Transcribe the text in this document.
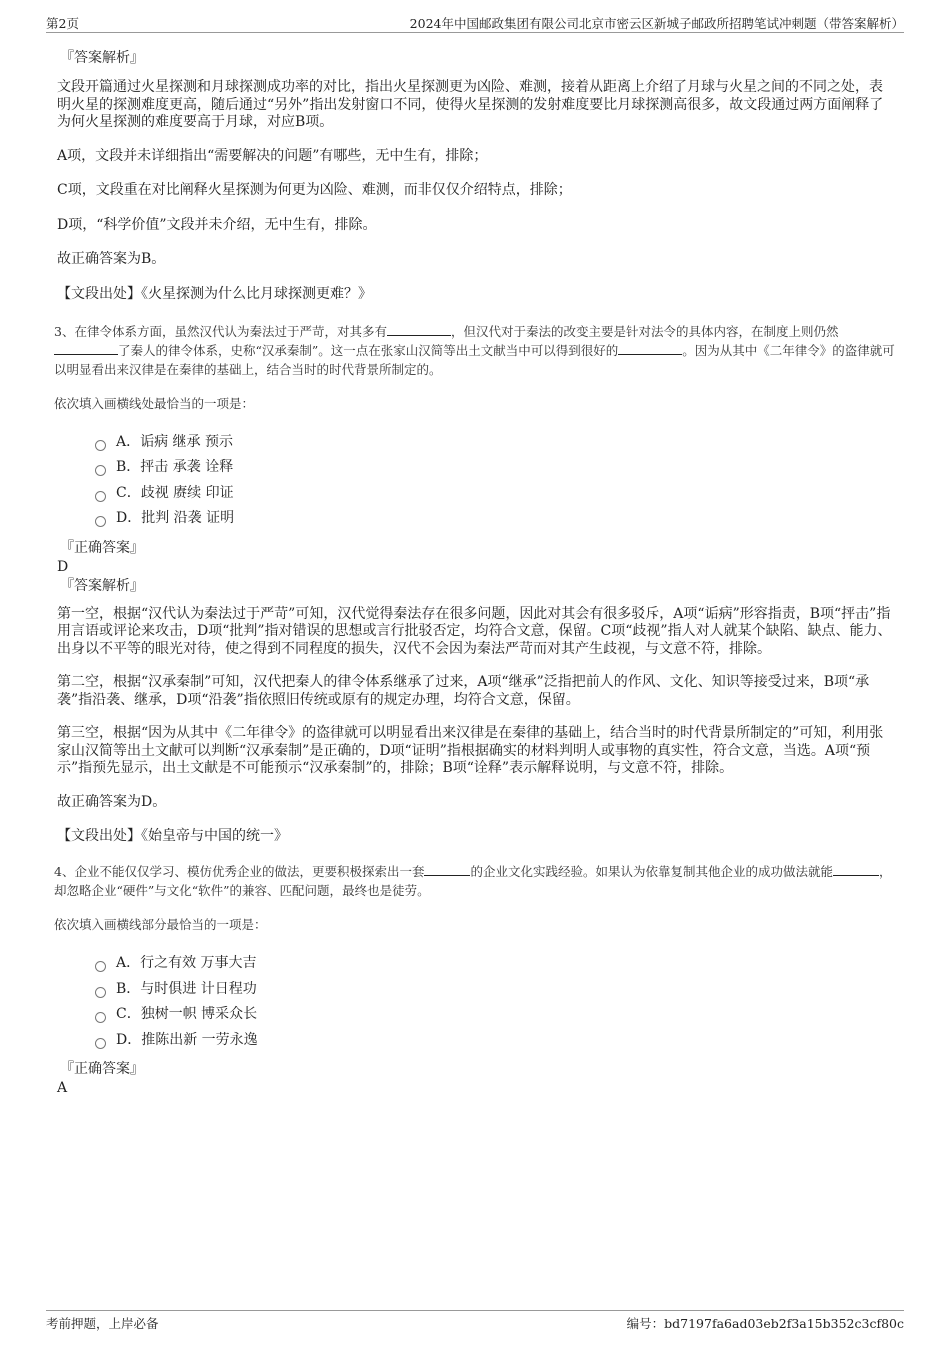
第2页	2024年中国邮政集团有限公司北京市密云区新城子邮政所招聘笔试冲刺题（带答案解析）
『答案解析』

文段开篇通过火星探测和月球探测成功率的对比，指出火星探测更为凶险、难测，接着从距离上介绍了月球与火星之间的不同之处，表明火星的探测难度更高，随后通过“另外”指出发射窗口不同，使得火星探测的发射难度要比月球探测高很多，故文段通过两方面阐释了为何火星探测的难度要高于月球，对应B项。

A项，文段并未详细指出“需要解决的问题”有哪些，无中生有，排除；

C项，文段重在对比阐释火星探测为何更为凶险、难测，而非仅仅介绍特点，排除；

D项，“科学价值”文段并未介绍，无中生有，排除。

故正确答案为B。

【文段出处】《火星探测为什么比月球探测更难？》

3、在律令体系方面，虽然汉代认为秦法过于严苛，对其多有	，但汉代对于秦法的改变主要是针对法令的具体内容，在制度上则仍然了秦人的律令体系，史称“汉承秦制”。这一点在张家山汉简等出土文献当中可以得到很好的	。因为从其中《二年律令》的盗律就可以明显看出来汉律是在秦律的基础上，结合当时的时代背景所制定的。

依次填入画横线处最恰当的一项是：

A．诟病 继承 预示
B．抨击 承袭 诠释
C．歧视 赓续 印证
D．批判 沿袭 证明
『正确答案』
D
『答案解析』

第一空，根据“汉代认为秦法过于严苛”可知，汉代觉得秦法存在很多问题，因此对其会有很多驳斥，A项“诟病”形容指责，B项“抨击”指用言语或评论来攻击，D项“批判”指对错误的思想或言行批驳否定，均符合文意，保留。C项“歧视”指人对人就某个缺陷、缺点、能力、出身以不平等的眼光对待，使之得到不同程度的损失，汉代不会因为秦法严苛而对其产生歧视，与文意不符，排除。

第二空，根据“汉承秦制”可知，汉代把秦人的律令体系继承了过来，A项“继承”泛指把前人的作风、文化、知识等接受过来，B项“承袭”指沿袭、继承，D项“沿袭”指依照旧传统或原有的规定办理，均符合文意，保留。

第三空，根据“因为从其中《二年律令》的盗律就可以明显看出来汉律是在秦律的基础上，结合当时的时代背景所制定的”可知，利用张家山汉简等出土文献可以判断“汉承秦制”是正确的，D项“证明”指根据确实的材料判明人或事物的真实性，符合文意，当选。A项“预示”指预先显示，出土文献是不可能预示“汉承秦制”的，排除；B项“诠释”表示解释说明，与文意不符，排除。

故正确答案为D。

【文段出处】《始皇帝与中国的统一》

4、企业不能仅仅学习、模仿优秀企业的做法，更要积极探索出一套	的企业文化实践经验。如果认为依靠复制其他企业的成功做法就能	，却忽略企业“硬件”与文化“软件”的兼容、匹配问题，最终也是徒劳。

依次填入画横线部分最恰当的一项是：

A．行之有效 万事大吉
B．与时俱进 计日程功
C．独树一帜 博采众长
D．推陈出新 一劳永逸
『正确答案』
A
考前押题，上岸必备	编号：bd7197fa6ad03eb2f3a15b352c3cf80c
